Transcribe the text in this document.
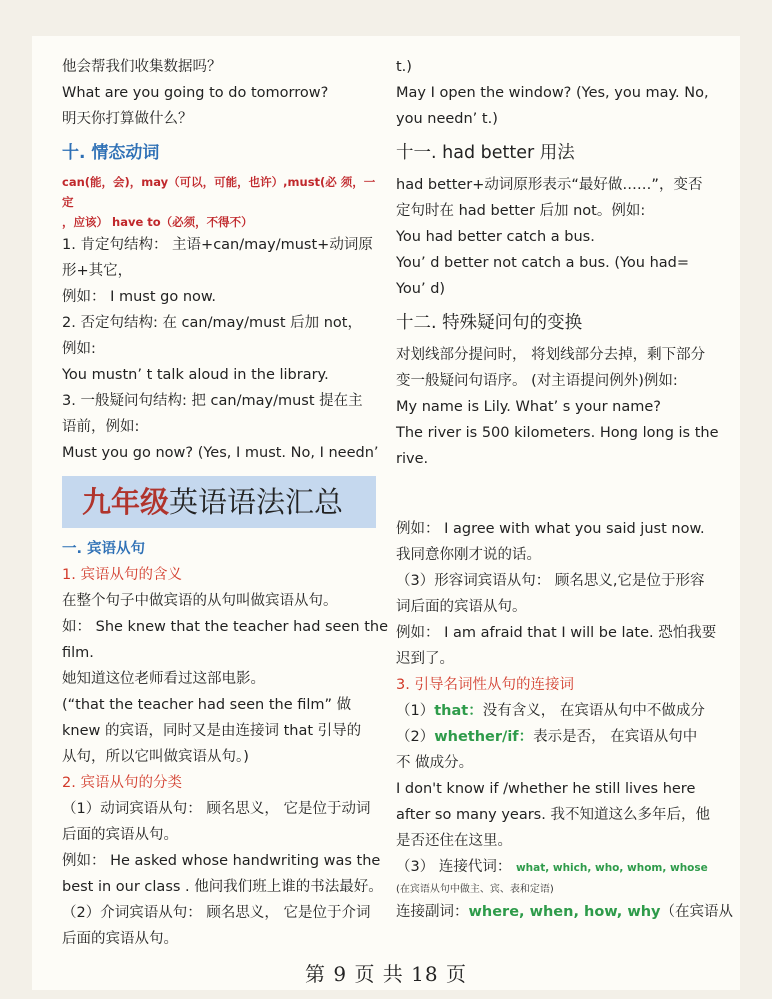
他会帮我们收集数据吗？
What are you going to do tomorrow?
明天你打算做什么？
十. 情态动词
can(能，会)，may（可以，可能，也许）,must(必 须，一定
，应该） have to（必须，不得不）
1. 肯定句结构： 主语+can/may/must+动词原
形+其它，
例如： I must go now.
2. 否定句结构: 在 can/may/must 后加 not，
例如:
You mustn’ t talk aloud in the library.
3. 一般疑问句结构: 把 can/may/must 提在主
语前，例如:
Must you go now? (Yes, I must. No, I needn’
九年级英语语法汇总
一. 宾语从句
1. 宾语从句的含义
在整个句子中做宾语的从句叫做宾语从句。
如： She knew that the teacher had seen the
film.
她知道这位老师看过这部电影。
(“that the teacher had seen the film” 做
knew 的宾语，同时又是由连接词 that 引导的
从句，所以它叫做宾语从句。)
2. 宾语从句的分类
（1）动词宾语从句： 顾名思义， 它是位于动词
后面的宾语从句。
例如： He asked whose handwriting was the
best in our class . 他问我们班上谁的书法最好。
（2）介词宾语从句： 顾名思义， 它是位于介词
后面的宾语从句。
t.)
May I open the window? (Yes, you may. No,
you needn’ t.)
十一. had better 用法
had better+动词原形表示“最好做……”，变否
定句时在 had better 后加 not。例如:
You had better catch a bus.
You’ d better not catch a bus. (You had=
You’ d)
十二. 特殊疑问句的变换
对划线部分提问时， 将划线部分去掉，剩下部分
变一般疑问句语序。 (对主语提问例外)例如:
My name is Lily. What’ s your name?
The river is 500 kilometers. Hong long is the
rive.
例如： I agree with what you said just now.
我同意你刚才说的话。
（3）形容词宾语从句： 顾名思义,它是位于形容
词后面的宾语从句。
例如： I am afraid that I will be late. 恐怕我要
迟到了。
3. 引导名词性从句的连接词
（1）that：没有含义， 在宾语从句中不做成分
（2）whether/if：表示是否， 在宾语从句中
不 做成分。
I don't know if /whether he still lives here
after so many years. 我不知道这么多年后，他
是否还住在这里。
（3） 连接代词： what, which, who, whom, whose
(在宾语从句中做主、宾、表和定语)
连接副词：where, when, how, why（在宾语从
第 9 页 共 18 页
